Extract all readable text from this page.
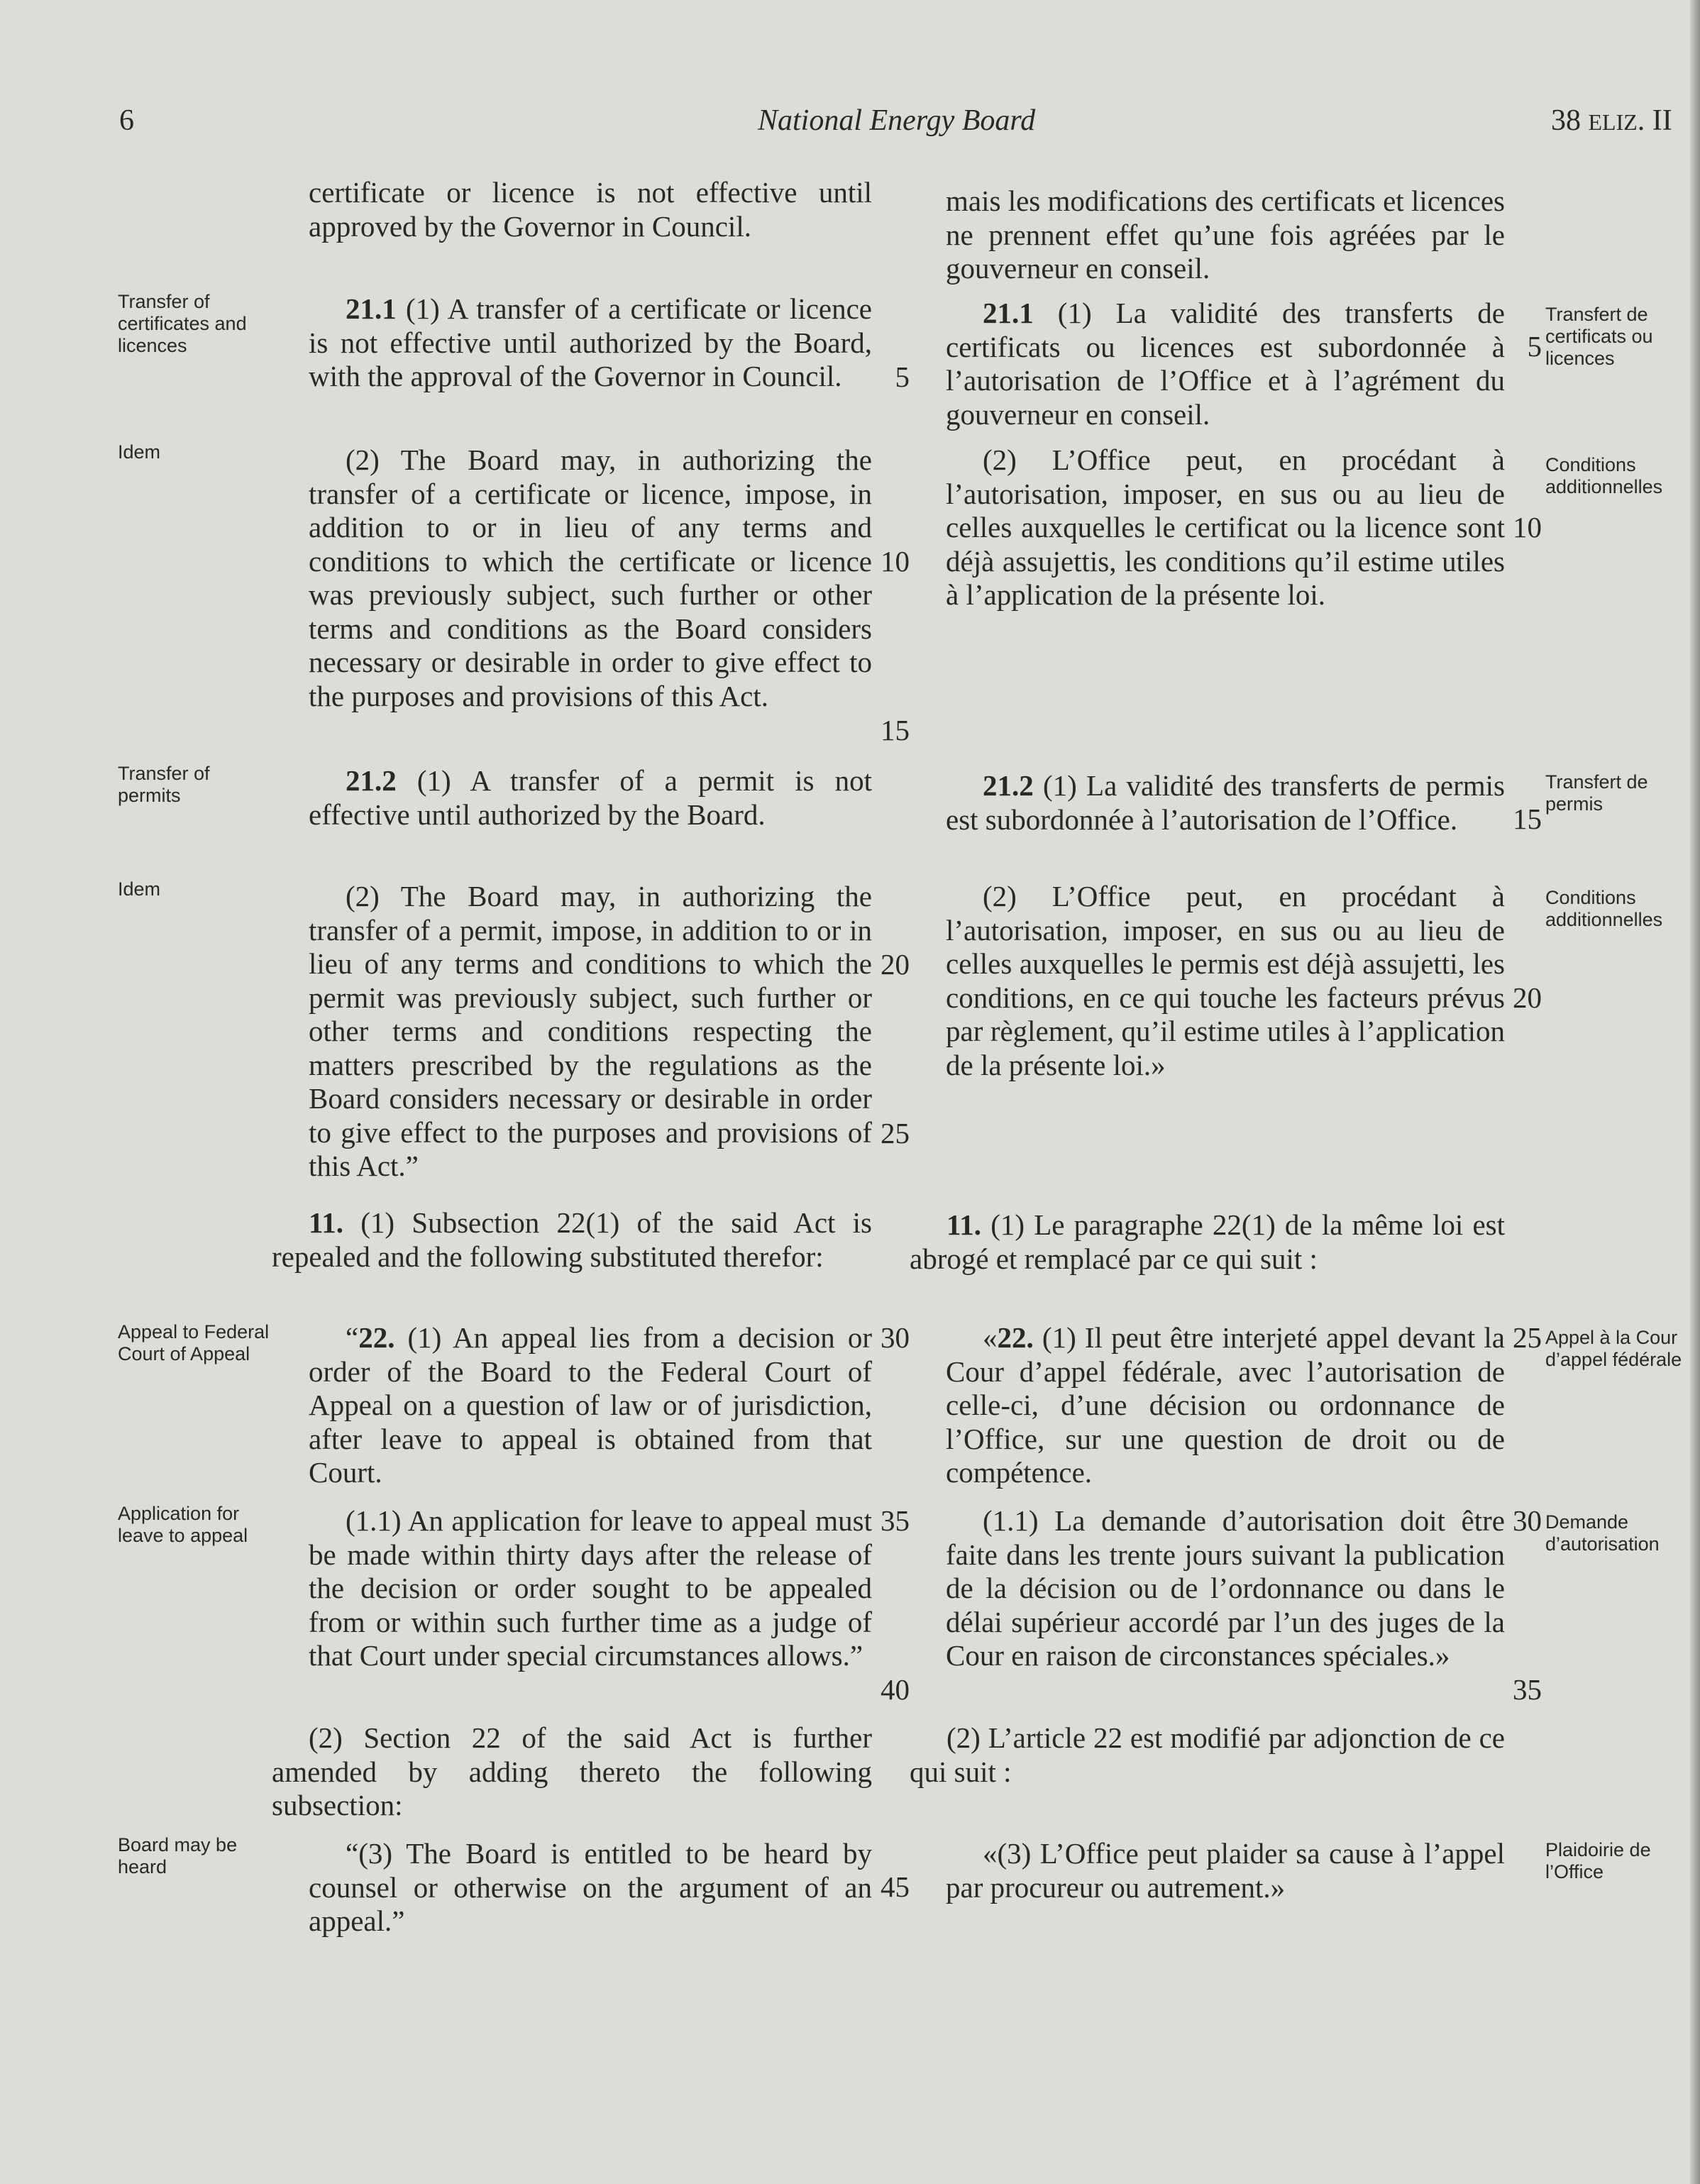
6	National Energy Board	38 ELIZ. II

certificate or licence is not effective until approved by the Governor in Council.

21.1 (1) A transfer of a certificate or licence is not effective until authorized by the Board, with the approval of the Governor in Council.

(2) The Board may, in authorizing the transfer of a certificate or licence, impose, in addition to or in lieu of any terms and conditions to which the certificate or licence was previously subject, such further or other terms and conditions as the Board considers necessary or desirable in order to give effect to the purposes and provisions of this Act.

21.2 (1) A transfer of a permit is not effective until authorized by the Board.

(2) The Board may, in authorizing the transfer of a permit, impose, in addition to or in lieu of any terms and conditions to which the permit was previously subject, such further or other terms and conditions respecting the matters prescribed by the regulations as the Board considers necessary or desirable in order to give effect to the purposes and provisions of this Act.”

11. (1) Subsection 22(1) of the said Act is repealed and the following substituted therefor:

“22. (1) An appeal lies from a decision or order of the Board to the Federal Court of Appeal on a question of law or of jurisdiction, after leave to appeal is obtained from that Court.

(1.1) An application for leave to appeal must be made within thirty days after the release of the decision or order sought to be appealed from or within such further time as a judge of that Court under special circumstances allows.”

(2) Section 22 of the said Act is further amended by adding thereto the following subsection:

“(3) The Board is entitled to be heard by counsel or otherwise on the argument of an appeal.”

mais les modifications des certificats et licences ne prennent effet qu’une fois agréées par le gouverneur en conseil.

21.1 (1) La validité des transferts de certificats ou licences est subordonnée à l’autorisation de l’Office et à l’agrément du gouverneur en conseil.

(2) L’Office peut, en procédant à l’autorisation, imposer, en sus ou au lieu de celles auxquelles le certificat ou la licence sont déjà assujettis, les conditions qu’il estime utiles à l’application de la présente loi.

21.2 (1) La validité des transferts de permis est subordonnée à l’autorisation de l’Office.

(2) L’Office peut, en procédant à l’autorisation, imposer, en sus ou au lieu de celles auxquelles le permis est déjà assujetti, les conditions, en ce qui touche les facteurs prévus par règlement, qu’il estime utiles à l’application de la présente loi.»

11. (1) Le paragraphe 22(1) de la même loi est abrogé et remplacé par ce qui suit :

«22. (1) Il peut être interjeté appel devant la Cour d’appel fédérale, avec l’autorisation de celle-ci, d’une décision ou ordonnance de l’Office, sur une question de droit ou de compétence.

(1.1) La demande d’autorisation doit être faite dans les trente jours suivant la publication de la décision ou de l’ordonnance ou dans le délai supérieur accordé par l’un des juges de la Cour en raison de circonstances spéciales.»

(2) L’article 22 est modifié par adjonction de ce qui suit :

«(3) L’Office peut plaider sa cause à l’appel par procureur ou autrement.»

5
10
15
20
25
30
35
40
45
5
10
15
20
25
30
35
Transfer of certificates and licences
Idem
Transfer of permits
Idem
Appeal to Federal Court of Appeal
Application for leave to appeal
Board may be heard
Transfert de certificats ou licences
Conditions additionnelles
Transfert de permis
Conditions additionnelles
Appel à la Cour d’appel fédérale
Demande d’autorisation
Plaidoirie de l’Office
